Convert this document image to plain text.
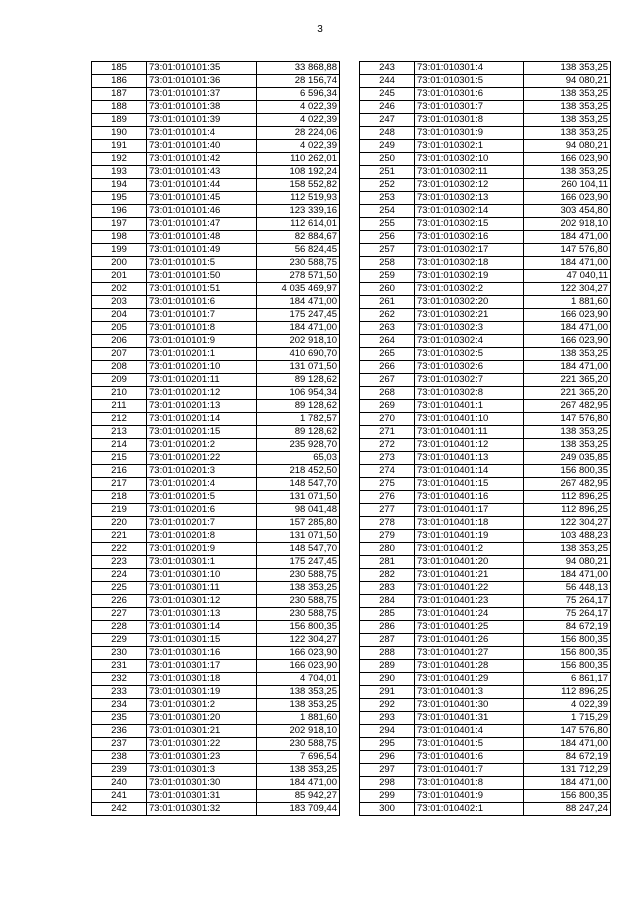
3
185	73:01:010101:35	33 868,88
186	73:01:010101:36	28 156,74
187	73:01:010101:37	6 596,34
188	73:01:010101:38	4 022,39
189	73:01:010101:39	4 022,39
190	73:01:010101:4	28 224,06
191	73:01:010101:40	4 022,39
192	73:01:010101:42	110 262,01
193	73:01:010101:43	108 192,24
194	73:01:010101:44	158 552,82
195	73:01:010101:45	112 519,93
196	73:01:010101:46	123 339,16
197	73:01:010101:47	112 614,01
198	73:01:010101:48	82 884,67
199	73:01:010101:49	56 824,45
200	73:01:010101:5	230 588,75
201	73:01:010101:50	278 571,50
202	73:01:010101:51	4 035 469,97
203	73:01:010101:6	184 471,00
204	73:01:010101:7	175 247,45
205	73:01:010101:8	184 471,00
206	73:01:010101:9	202 918,10
207	73:01:010201:1	410 690,70
208	73:01:010201:10	131 071,50
209	73:01:010201:11	89 128,62
210	73:01:010201:12	106 954,34
211	73:01:010201:13	89 128,62
212	73:01:010201:14	1 782,57
213	73:01:010201:15	89 128,62
214	73:01:010201:2	235 928,70
215	73:01:010201:22	65,03
216	73:01:010201:3	218 452,50
217	73:01:010201:4	148 547,70
218	73:01:010201:5	131 071,50
219	73:01:010201:6	98 041,48
220	73:01:010201:7	157 285,80
221	73:01:010201:8	131 071,50
222	73:01:010201:9	148 547,70
223	73:01:010301:1	175 247,45
224	73:01:010301:10	230 588,75
225	73:01:010301:11	138 353,25
226	73:01:010301:12	230 588,75
227	73:01:010301:13	230 588,75
228	73:01:010301:14	156 800,35
229	73:01:010301:15	122 304,27
230	73:01:010301:16	166 023,90
231	73:01:010301:17	166 023,90
232	73:01:010301:18	4 704,01
233	73:01:010301:19	138 353,25
234	73:01:010301:2	138 353,25
235	73:01:010301:20	1 881,60
236	73:01:010301:21	202 918,10
237	73:01:010301:22	230 588,75
238	73:01:010301:23	7 696,54
239	73:01:010301:3	138 353,25
240	73:01:010301:30	184 471,00
241	73:01:010301:31	85 942,27
242	73:01:010301:32	183 709,44
243	73:01:010301:4	138 353,25
244	73:01:010301:5	94 080,21
245	73:01:010301:6	138 353,25
246	73:01:010301:7	138 353,25
247	73:01:010301:8	138 353,25
248	73:01:010301:9	138 353,25
249	73:01:010302:1	94 080,21
250	73:01:010302:10	166 023,90
251	73:01:010302:11	138 353,25
252	73:01:010302:12	260 104,11
253	73:01:010302:13	166 023,90
254	73:01:010302:14	303 454,80
255	73:01:010302:15	202 918,10
256	73:01:010302:16	184 471,00
257	73:01:010302:17	147 576,80
258	73:01:010302:18	184 471,00
259	73:01:010302:19	47 040,11
260	73:01:010302:2	122 304,27
261	73:01:010302:20	1 881,60
262	73:01:010302:21	166 023,90
263	73:01:010302:3	184 471,00
264	73:01:010302:4	166 023,90
265	73:01:010302:5	138 353,25
266	73:01:010302:6	184 471,00
267	73:01:010302:7	221 365,20
268	73:01:010302:8	221 365,20
269	73:01:010401:1	267 482,95
270	73:01:010401:10	147 576,80
271	73:01:010401:11	138 353,25
272	73:01:010401:12	138 353,25
273	73:01:010401:13	249 035,85
274	73:01:010401:14	156 800,35
275	73:01:010401:15	267 482,95
276	73:01:010401:16	112 896,25
277	73:01:010401:17	112 896,25
278	73:01:010401:18	122 304,27
279	73:01:010401:19	103 488,23
280	73:01:010401:2	138 353,25
281	73:01:010401:20	94 080,21
282	73:01:010401:21	184 471,00
283	73:01:010401:22	56 448,13
284	73:01:010401:23	75 264,17
285	73:01:010401:24	75 264,17
286	73:01:010401:25	84 672,19
287	73:01:010401:26	156 800,35
288	73:01:010401:27	156 800,35
289	73:01:010401:28	156 800,35
290	73:01:010401:29	6 861,17
291	73:01:010401:3	112 896,25
292	73:01:010401:30	4 022,39
293	73:01:010401:31	1 715,29
294	73:01:010401:4	147 576,80
295	73:01:010401:5	184 471,00
296	73:01:010401:6	84 672,19
297	73:01:010401:7	131 712,29
298	73:01:010401:8	184 471,00
299	73:01:010401:9	156 800,35
300	73:01:010402:1	88 247,24
